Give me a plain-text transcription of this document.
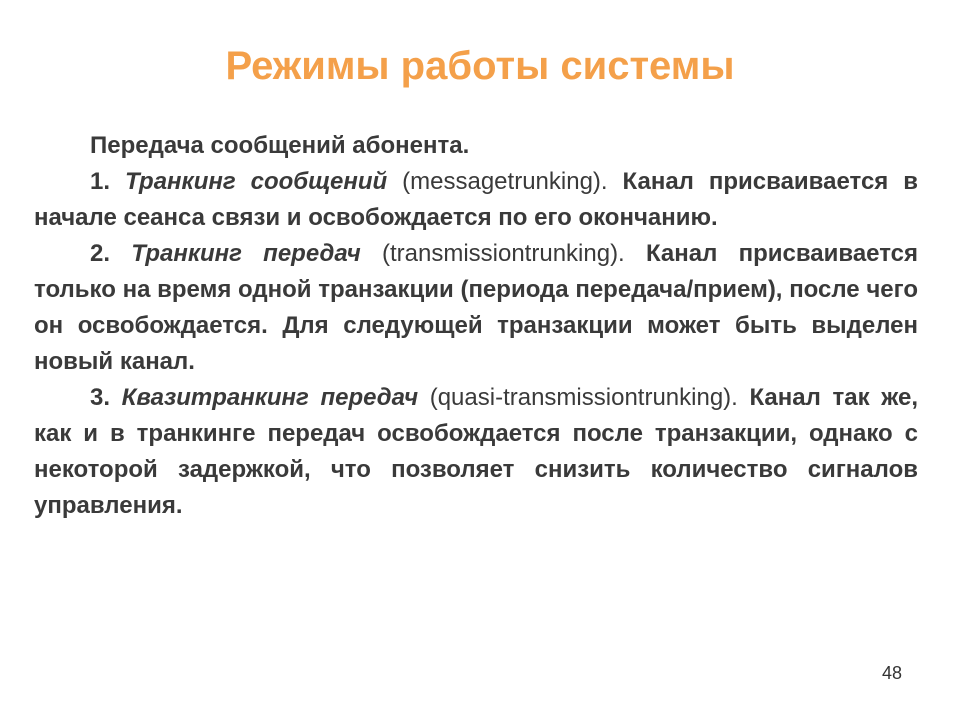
Режимы работы системы

Передача сообщений абонента.

1. Транкинг сообщений (messagetrunking). Канал присваивается в начале сеанса связи и освобождается по его окончанию.

2. Транкинг передач (transmissiontrunking). Канал присваивается только на время одной транзакции (периода передача/прием), после чего он освобождается. Для следующей транзакции может быть выделен новый канал.

3. Квазитранкинг передач (quasi-transmissiontrunking). Канал так же, как и в транкинге передач освобождается после транзакции, однако с некоторой задержкой, что позволяет снизить количество сигналов управления.

48
